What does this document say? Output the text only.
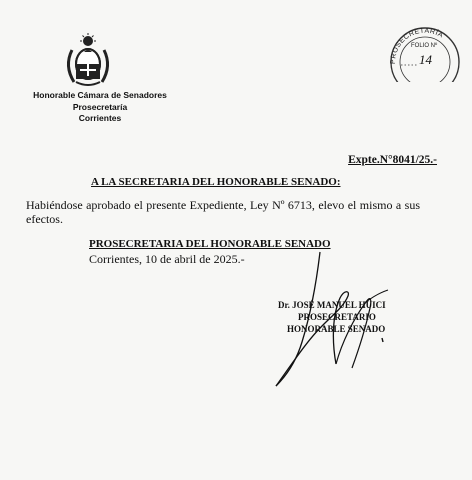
Honorable Cámara de Senadores
Prosecretaría
Corrientes
PROSECRETARÍA
FOLIO Nº
14
Expte.N°8041/25.-
A LA SECRETARIA DEL HONORABLE SENADO:
Habiéndose aprobado el presente Expediente, Ley Nº 6713, elevo el mismo a sus efectos.
PROSECRETARIA DEL HONORABLE SENADO
Corrientes, 10 de abril de 2025.-
Dr. JOSÉ MANUEL HUICI
PROSECRETARIO
HONORABLE SENADO
